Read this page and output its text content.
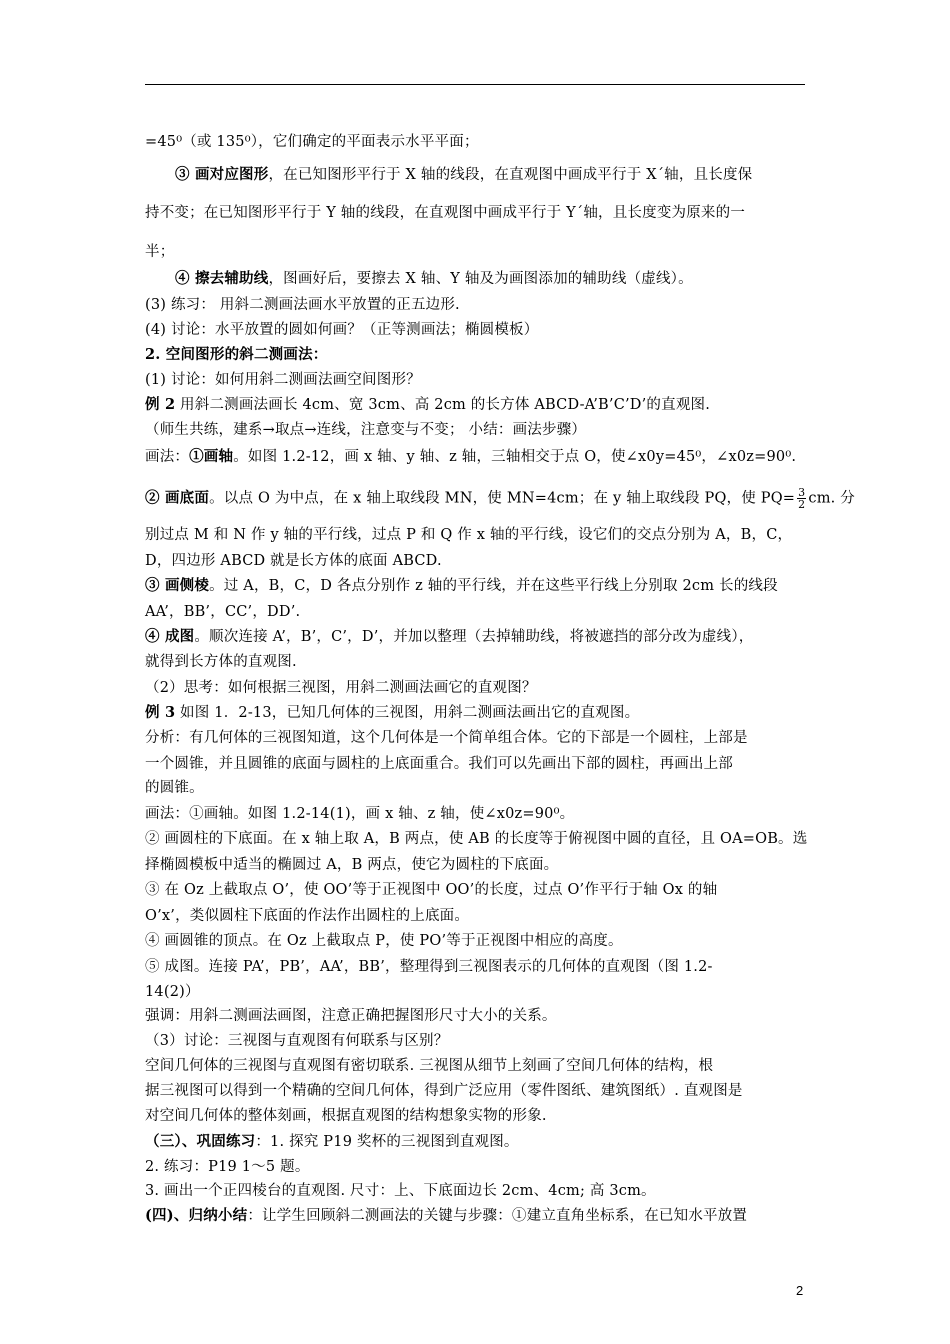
=45⁰（或 135⁰），它们确定的平面表示水平平面；
③ 画对应图形，在已知图形平行于 X 轴的线段，在直观图中画成平行于 X´轴，且长度保
持不变；在已知图形平行于 Y 轴的线段，在直观图中画成平行于 Y´轴，且长度变为原来的一
半；
④ 擦去辅助线，图画好后，要擦去 X 轴、Y 轴及为画图添加的辅助线（虚线）。
(3) 练习： 用斜二测画法画水平放置的正五边形.
(4) 讨论：水平放置的圆如何画？（正等测画法；椭圆模板）
2. 空间图形的斜二测画法：
(1) 讨论：如何用斜二测画法画空间图形？
例 2 用斜二测画法画长 4cm、宽 3cm、高 2cm 的长方体 ABCD-A’B’C’D’的直观图.
（师生共练，建系→取点→连线，注意变与不变； 小结：画法步骤）
画法：①画轴。如图 1.2-12，画 x 轴、y 轴、z 轴，三轴相交于点 O，使∠x0y=45⁰，∠x0z=90⁰.
② 画底面。以点 O 为中点，在 x 轴上取线段 MN，使 MN=4cm；在 y 轴上取线段 PQ，使 $PQ= \frac{3}{2}$ cm. 分
别过点 M 和 N 作 y 轴的平行线，过点 P 和 Q 作 x 轴的平行线，设它们的交点分别为 A，B，C，
D，四边形 ABCD 就是长方体的底面 ABCD.
③ 画侧棱。过 A，B，C，D 各点分别作 z 轴的平行线，并在这些平行线上分别取 2cm 长的线段
AA’，BB’，CC’，DD’.
④ 成图。顺次连接 A’，B’，C’，D’，并加以整理（去掉辅助线，将被遮挡的部分改为虚线），
就得到长方体的直观图.
（2）思考：如何根据三视图，用斜二测画法画它的直观图？
例 3 如图 1．2-13，已知几何体的三视图，用斜二测画法画出它的直观图。
分析：有几何体的三视图知道，这个几何体是一个简单组合体。它的下部是一个圆柱，上部是
一个圆锥，并且圆锥的底面与圆柱的上底面重合。我们可以先画出下部的圆柱，再画出上部
的圆锥。
画法：①画轴。如图 1.2-14(1)，画 x 轴、z 轴，使∠x0z=90⁰。
② 画圆柱的下底面。在 x 轴上取 A，B 两点，使 AB 的长度等于俯视图中圆的直径，且 OA=OB。选
择椭圆模板中适当的椭圆过 A，B 两点，使它为圆柱的下底面。
③ 在 Oz 上截取点 O’，使 OO’等于正视图中 OO’的长度，过点 O’作平行于轴 Ox 的轴
O’x’，类似圆柱下底面的作法作出圆柱的上底面。
④ 画圆锥的顶点。在 Oz 上截取点 P，使 PO’等于正视图中相应的高度。
⑤ 成图。连接 PA’，PB’，AA’，BB’，整理得到三视图表示的几何体的直观图（图 1.2-
14(2)）
强调：用斜二测画法画图，注意正确把握图形尺寸大小的关系。
（3）讨论：三视图与直观图有何联系与区别？
空间几何体的三视图与直观图有密切联系. 三视图从细节上刻画了空间几何体的结构，根
据三视图可以得到一个精确的空间几何体，得到广泛应用（零件图纸、建筑图纸）. 直观图是
对空间几何体的整体刻画，根据直观图的结构想象实物的形象.
（三）、巩固练习：1. 探究 P19 奖杯的三视图到直观图。
2. 练习：P19 1～5 题。
3. 画出一个正四棱台的直观图. 尺寸：上、下底面边长 2cm、4cm; 高 3cm。
(四)、归纳小结：让学生回顾斜二测画法的关键与步骤：①建立直角坐标系，在已知水平放置
2
